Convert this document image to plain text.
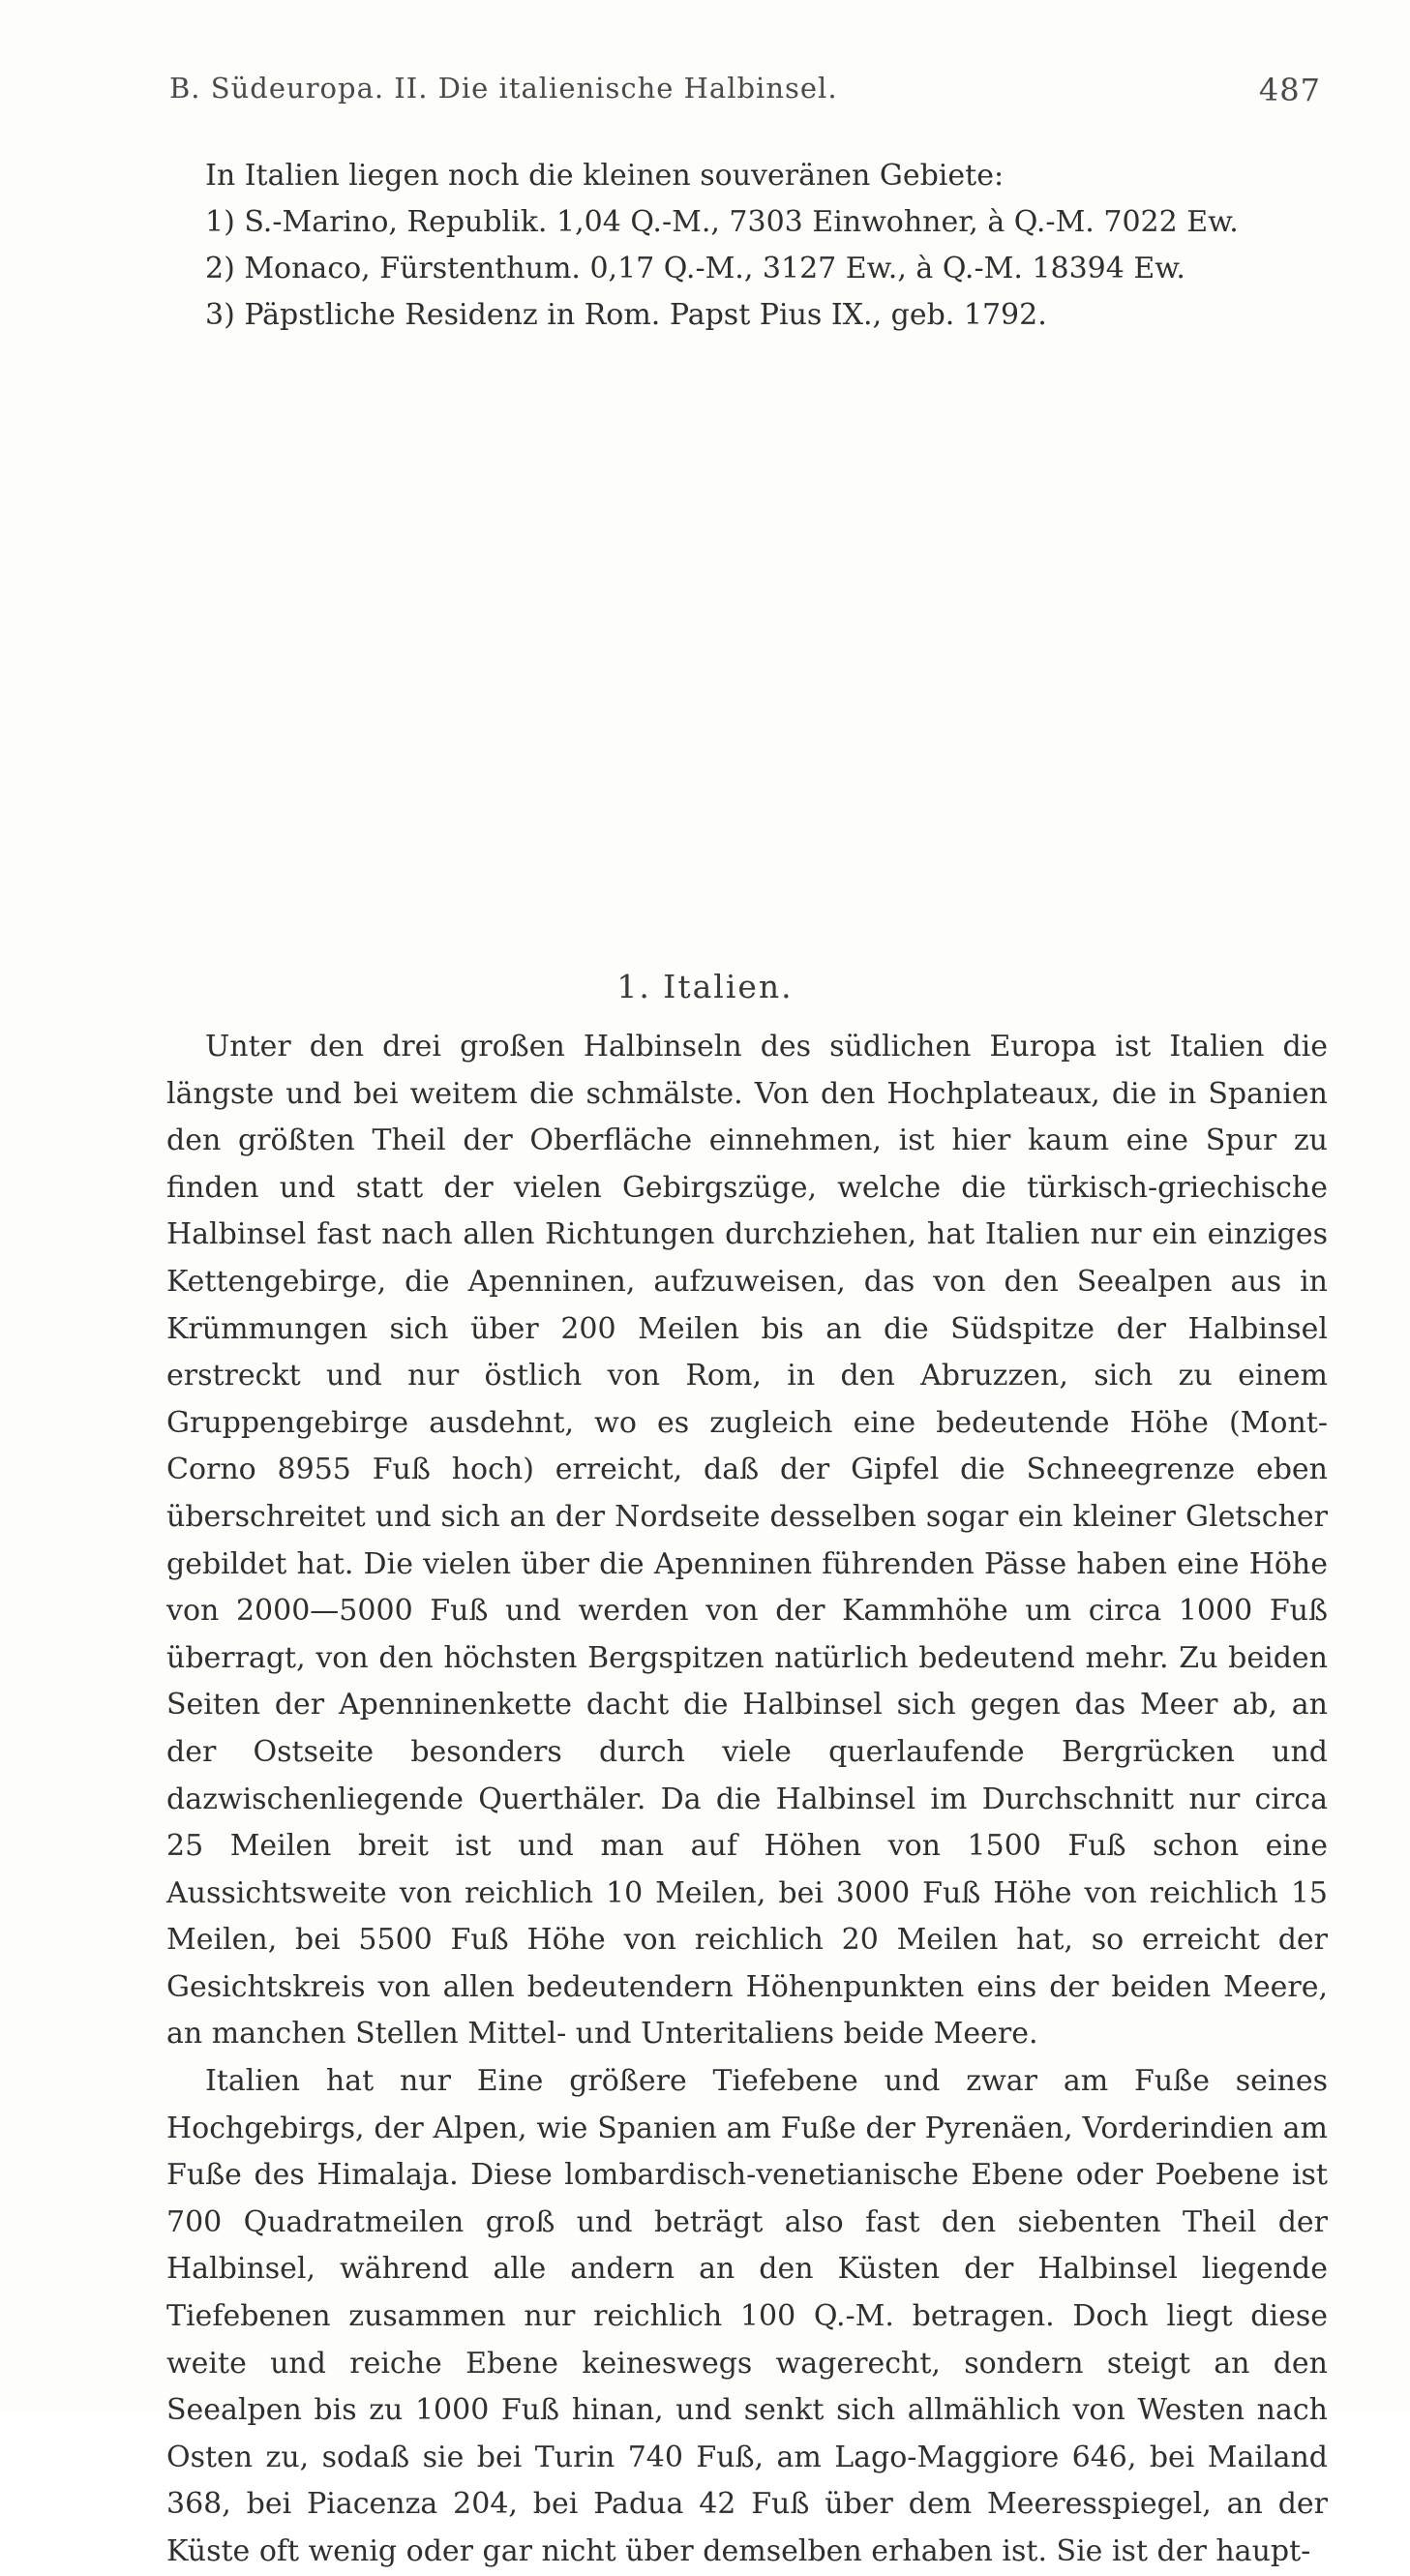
B. Südeuropa. II. Die italienische Halbinsel.	487

In Italien liegen noch die kleinen souveränen Gebiete:

1) S.-Marino, Republik. 1,04 Q.-M., 7303 Einwohner, à Q.-M. 7022 Ew.

2) Monaco, Fürstenthum. 0,17 Q.-M., 3127 Ew., à Q.-M. 18394 Ew.

3) Päpstliche Residenz in Rom. Papst Pius IX., geb. 1792.

1. Italien.

Unter den drei großen Halbinseln des südlichen Europa ist Italien die längste und bei weitem die schmälste. Von den Hochplateaux, die in Spanien den größten Theil der Oberfläche einnehmen, ist hier kaum eine Spur zu finden und statt der vielen Gebirgszüge, welche die türkisch-griechische Halbinsel fast nach allen Richtungen durchziehen, hat Italien nur ein einziges Kettengebirge, die Apenninen, aufzuweisen, das von den Seealpen aus in Krümmungen sich über 200 Meilen bis an die Südspitze der Halbinsel erstreckt und nur östlich von Rom, in den Abruzzen, sich zu einem Gruppengebirge ausdehnt, wo es zugleich eine bedeutende Höhe (Mont-Corno 8955 Fuß hoch) erreicht, daß der Gipfel die Schneegrenze eben überschreitet und sich an der Nordseite desselben sogar ein kleiner Gletscher gebildet hat. Die vielen über die Apenninen führenden Pässe haben eine Höhe von 2000—5000 Fuß und werden von der Kammhöhe um circa 1000 Fuß überragt, von den höchsten Bergspitzen natürlich bedeutend mehr. Zu beiden Seiten der Apenninenkette dacht die Halbinsel sich gegen das Meer ab, an der Ostseite besonders durch viele querlaufende Bergrücken und dazwischenliegende Querthäler. Da die Halbinsel im Durchschnitt nur circa 25 Meilen breit ist und man auf Höhen von 1500 Fuß schon eine Aussichtsweite von reichlich 10 Meilen, bei 3000 Fuß Höhe von reichlich 15 Meilen, bei 5500 Fuß Höhe von reichlich 20 Meilen hat, so erreicht der Gesichtskreis von allen bedeutendern Höhenpunkten eins der beiden Meere, an manchen Stellen Mittel- und Unteritaliens beide Meere.

Italien hat nur Eine größere Tiefebene und zwar am Fuße seines Hochgebirgs, der Alpen, wie Spanien am Fuße der Pyrenäen, Vorderindien am Fuße des Himalaja. Diese lombardisch-venetianische Ebene oder Poebene ist 700 Quadratmeilen groß und beträgt also fast den siebenten Theil der Halbinsel, während alle andern an den Küsten der Halbinsel liegende Tiefebenen zusammen nur reichlich 100 Q.-M. betragen. Doch liegt diese weite und reiche Ebene keineswegs wagerecht, sondern steigt an den Seealpen bis zu 1000 Fuß hinan, und senkt sich allmählich von Westen nach Osten zu, sodaß sie bei Turin 740 Fuß, am Lago-Maggiore 646, bei Mailand 368, bei Piacenza 204, bei Padua 42 Fuß über dem Meeresspiegel, an der Küste oft wenig oder gar nicht über demselben erhaben ist. Sie ist der haupt-
